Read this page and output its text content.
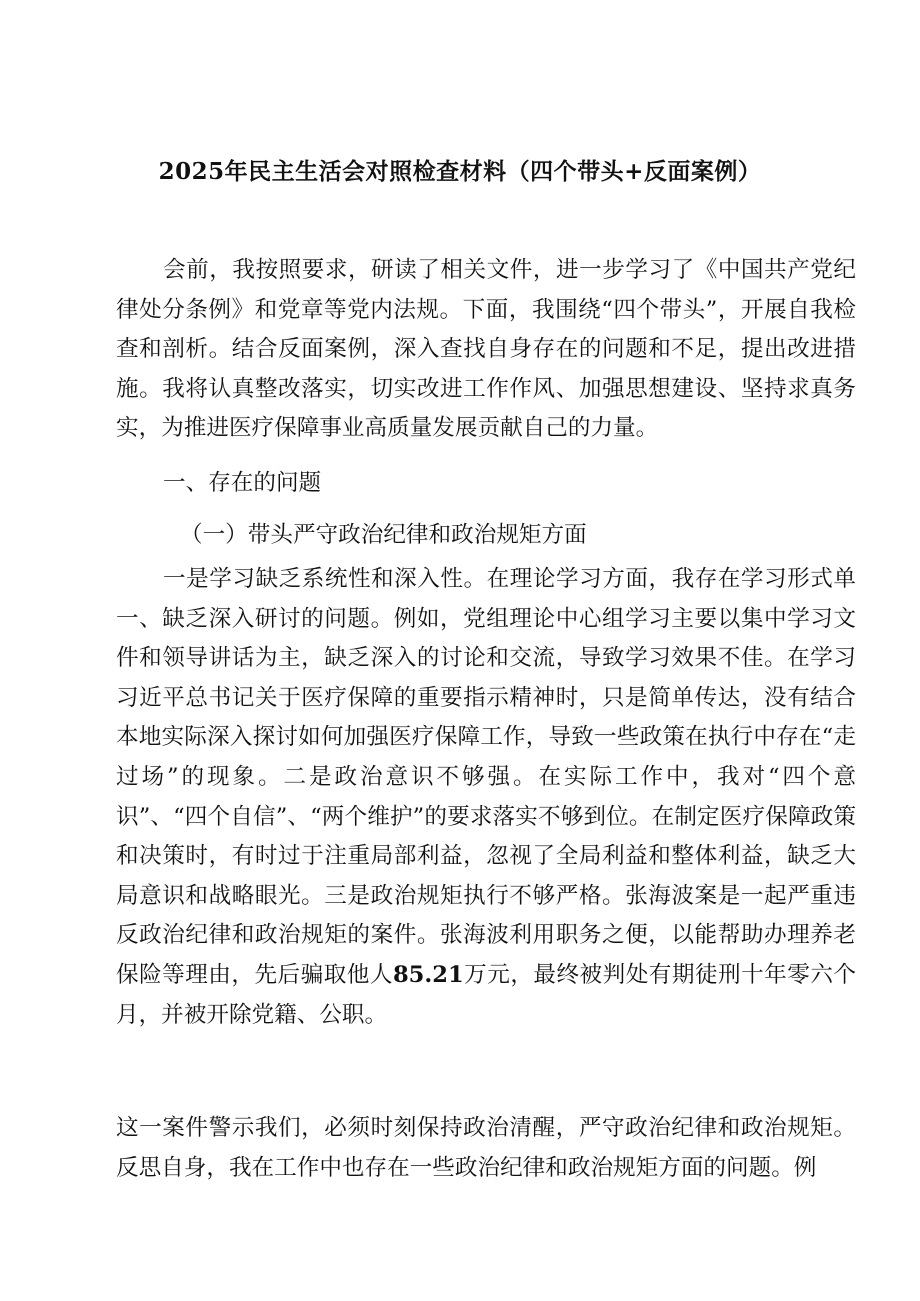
2025年民主生活会对照检查材料（四个带头+反面案例）
会前，我按照要求，研读了相关文件，进一步学习了《中国共产党纪律处分条例》和党章等党内法规。下面，我围绕“四个带头”，开展自我检查和剖析。结合反面案例，深入查找自身存在的问题和不足，提出改进措施。我将认真整改落实，切实改进工作作风、加强思想建设、坚持求真务实，为推进医疗保障事业高质量发展贡献自己的力量。
一、存在的问题
（一）带头严守政治纪律和政治规矩方面
一是学习缺乏系统性和深入性。在理论学习方面，我存在学习形式单一、缺乏深入研讨的问题。例如，党组理论中心组学习主要以集中学习文件和领导讲话为主，缺乏深入的讨论和交流，导致学习效果不佳。在学习习近平总书记关于医疗保障的重要指示精神时，只是简单传达，没有结合本地实际深入探讨如何加强医疗保障工作，导致一些政策在执行中存在“走过场”的现象。二是政治意识不够强。在实际工作中，我对“四个意识”、“四个自信”、“两个维护”的要求落实不够到位。在制定医疗保障政策和决策时，有时过于注重局部利益，忽视了全局利益和整体利益，缺乏大局意识和战略眼光。三是政治规矩执行不够严格。张海波案是一起严重违反政治纪律和政治规矩的案件。张海波利用职务之便，以能帮助办理养老保险等理由，先后骗取他人85.21万元，最终被判处有期徒刑十年零六个月，并被开除党籍、公职。
这一案件警示我们，必须时刻保持政治清醒，严守政治纪律和政治规矩。反思自身，我在工作中也存在一些政治纪律和政治规矩方面的问题。例
